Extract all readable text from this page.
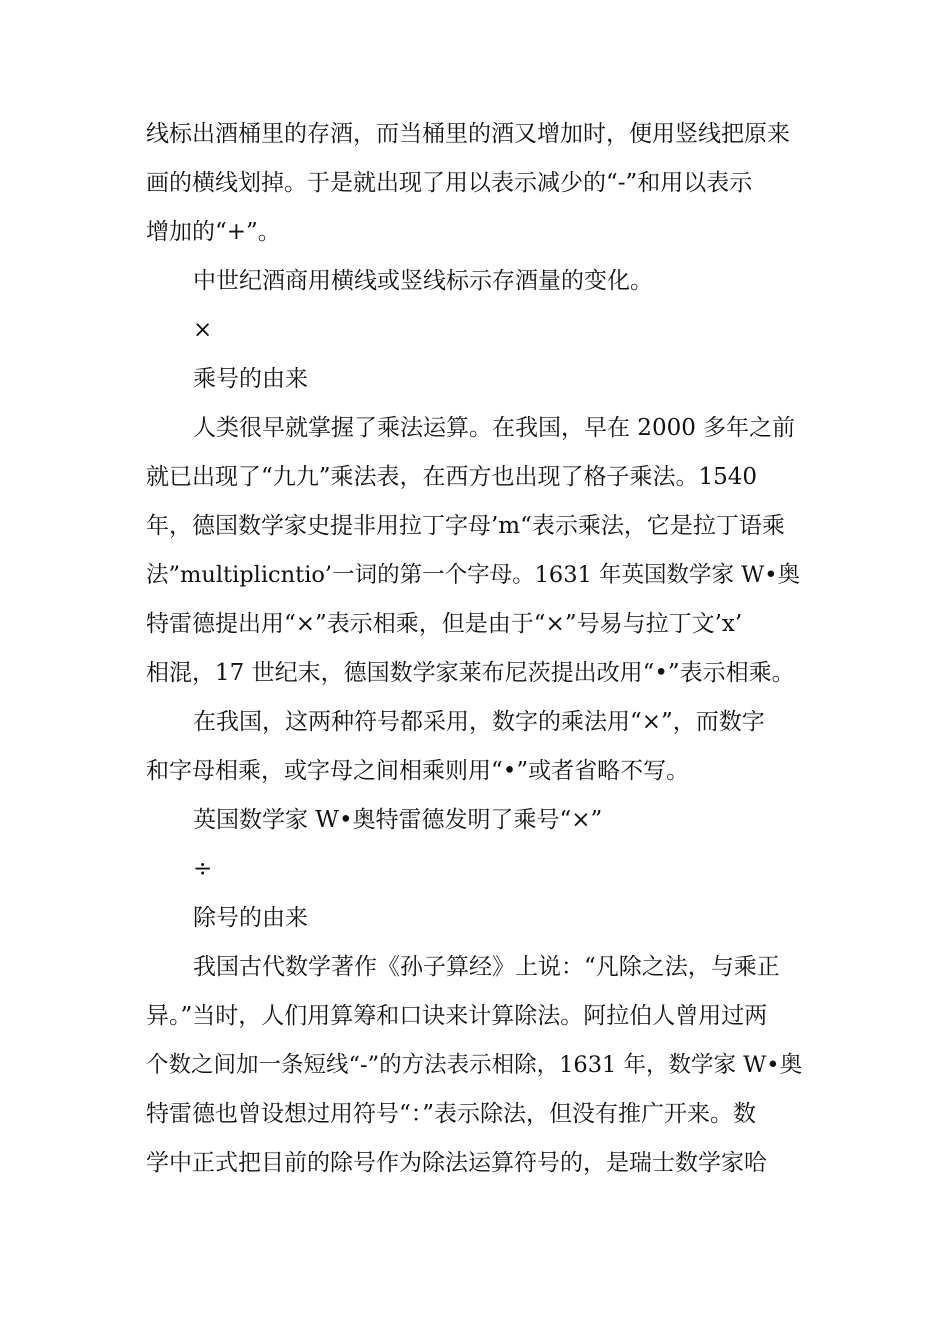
线标出酒桶里的存酒，而当桶里的酒又增加时，便用竖线把原来
画的横线划掉。于是就出现了用以表示减少的“-”和用以表示
增加的“+”。
中世纪酒商用横线或竖线标示存酒量的变化。
×
乘号的由来
人类很早就掌握了乘法运算。在我国，早在 2000 多年之前
就已出现了“九九”乘法表，在西方也出现了格子乘法。1540
年，德国数学家史提非用拉丁字母’m“表示乘法，它是拉丁语乘
法”multiplicntio’一词的第一个字母。1631 年英国数学家 W•奥
特雷德提出用“×”表示相乘，但是由于“×”号易与拉丁文’x’
相混，17 世纪末，德国数学家莱布尼茨提出改用“•”表示相乘。
在我国，这两种符号都采用，数字的乘法用“×”，而数字
和字母相乘，或字母之间相乘则用“•”或者省略不写。
英国数学家 W•奥特雷德发明了乘号“×”
÷
除号的由来
我国古代数学著作《孙子算经》上说：“凡除之法，与乘正
异。”当时，人们用算筹和口诀来计算除法。阿拉伯人曾用过两
个数之间加一条短线“-”的方法表示相除，1631 年，数学家 W•奥
特雷德也曾设想过用符号“：”表示除法，但没有推广开来。数
学中正式把目前的除号作为除法运算符号的，是瑞士数学家哈
